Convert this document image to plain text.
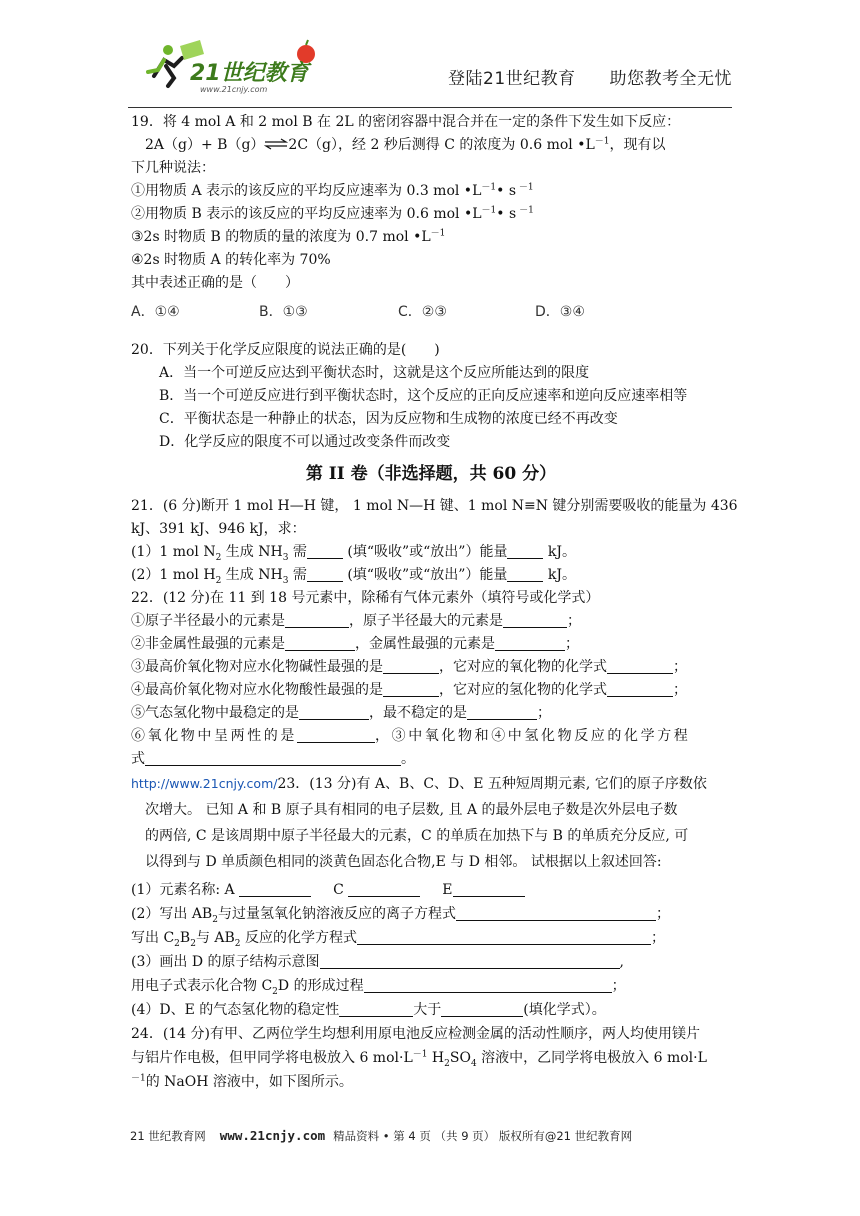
21世纪教育
www.21cnjy.com
登陆21世纪教育 助您教考全无忧
19．将 4 mol A 和 2 mol B 在 2L 的密闭容器中混合并在一定的条件下发生如下反应：
2A（g）+ B（g）⇌2C（g），经 2 秒后测得 C 的浓度为 0.6 mol $•L^{-1}$，现有以
下几种说法：
①用物质 A 表示的该反应的平均反应速率为 0.3 mol $•L^{-1}•$ s $^{-1}$
②用物质 B 表示的该反应的平均反应速率为 0.6 mol $•L^{-1}•$ s $^{-1}$
③2s 时物质 B 的物质的量的浓度为 0.7 mol $•L^{-1}$
④2s 时物质 A 的转化率为 70%
其中表述正确的是（　　）
A．①④	B．①③	C．②③	D．③④
20．下列关于化学反应限度的说法正确的是(　　)
A．当一个可逆反应达到平衡状态时，这就是这个反应所能达到的限度
B．当一个可逆反应进行到平衡状态时，这个反应的正向反应速率和逆向反应速率相等
C．平衡状态是一种静止的状态，因为反应物和生成物的浓度已经不再改变
D．化学反应的限度不可以通过改变条件而改变
第 II 卷（非选择题，共 60 分）
21．(6 分)断开 1 mol H—H 键， 1 mol N—H 键、1 mol N≡N 键分别需要吸收的能量为 436
kJ、391 kJ、946 kJ，求：
(1）1 mol $N_2$ 生成 $NH_3$ 需	(填“吸收”或“放出”）能量	kJ。
(2）1 mol $H_2$ 生成 $NH_3$ 需	(填“吸收”或“放出”）能量	kJ。
22．(12 分)在 11 到 18 号元素中，除稀有气体元素外（填符号或化学式）
①原子半径最小的元素是	，原子半径最大的元素是	；
②非金属性最强的元素是	，金属性最强的元素是	；
③最高价氧化物对应水化物碱性最强的是	，它对应的氧化物的化学式	；
④最高价氧化物对应水化物酸性最强的是	，它对应的氢化物的化学式	；
⑤气态氢化物中最稳定的是	，最不稳定的是	；
⑥氧化物中呈两性的是	，③中氧化物和④中氢化物反应的化学方程
式	。
http://www.21cnjy.com/23．(13 分)有 A、B、C、D、E 五种短周期元素, 它们的原子序数依
次增大。 已知 A 和 B 原子具有相同的电子层数, 且 A 的最外层电子数是次外层电子数
的两倍, C 是该周期中原子半径最大的元素，C 的单质在加热下与 B 的单质充分反应, 可
以得到与 D 单质颜色相同的淡黄色固态化合物,E 与 D 相邻。 试根据以上叙述回答:
(1）元素名称: A	C	E
(2）写出 $AB_2$与过量氢氧化钠溶液反应的离子方程式	；
写出 $C_2B_2$与 $AB_2$ 反应的化学方程式	；
(3）画出 D 的原子结构示意图	,
用电子式表示化合物 $C_2D$ 的形成过程	；
(4）D、E 的气态氢化物的稳定性	大于	(填化学式）。
24．(14 分)有甲、乙两位学生均想利用原电池反应检测金属的活动性顺序，两人均使用镁片
与铝片作电极，但甲同学将电极放入 6 $mol\cdot L^{-1}$ $H_2SO_4$ 溶液中，乙同学将电极放入 6 mol·L
$^{-1}$的 NaOH 溶液中，如下图所示。
21 世纪教育网 www.21cnjy.com 精品资料 • 第 4 页 （共 9 页） 版权所有@21 世纪教育网
